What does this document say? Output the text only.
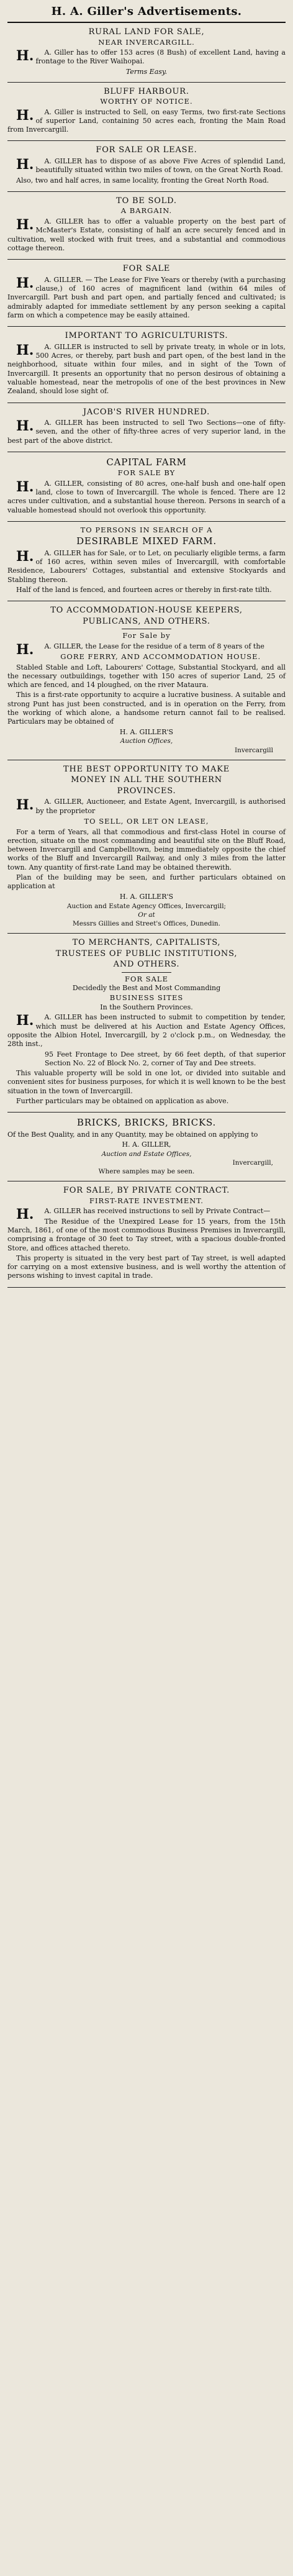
H. A. Giller's Advertisements.
RURAL LAND FOR SALE,
NEAR INVERCARGILL.

H.A. Giller has to offer 153 acres (8 Bush) of excellent Land, having a frontage to the River Waihopai.

Terms Easy.
BLUFF HARBOUR.
WORTHY OF NOTICE.

H.A. Giller is instructed to Sell, on easy Terms, two first-rate Sections of superior Land, containing 50 acres each, fronting the Main Road from Invercargill.

FOR SALE OR LEASE.

H.A. GILLER has to dispose of as above Five Acres of splendid Land, beautifully situated within two miles of town, on the Great North Road.

Also, two and half acres, in same locality, fronting the Great North Road.

TO BE SOLD.
A BARGAIN.

H.A. GILLER has to offer a valuable property on the best part of McMaster's Estate, consisting of half an acre securely fenced and in cultivation, well stocked with fruit trees, and a substantial and commodious cottage thereon.

FOR SALE

H.A. GILLER. — The Lease for Five Years or thereby (with a purchasing clause,) of 160 acres of magnificent land (within 64 miles of Invercargill. Part bush and part open, and partially fenced and cultivated; is admirably adapted for immediate settlement by any person seeking a capital farm on which a competence may be easily attained.

IMPORTANT TO AGRICULTURISTS.

H.A. GILLER is instructed to sell by private treaty, in whole or in lots, 500 Acres, or thereby, part bush and part open, of the best land in the neighborhood, situate within four miles, and in sight of the Town of Invercargill. It presents an opportunity that no person desirous of obtaining a valuable homestead, near the metropolis of one of the best provinces in New Zealand, should lose sight of.

JACOB'S RIVER HUNDRED.

H.A. GILLER has been instructed to sell Two Sections—one of fifty-seven, and the other of fifty-three acres of very superior land, in the best part of the above district.

CAPITAL FARM
FOR SALE BY

H.A. GILLER, consisting of 80 acres, one-half bush and one-half open land, close to town of Invercargill. The whole is fenced. There are 12 acres under cultivation, and a substantial house thereon. Persons in search of a valuable homestead should not overlook this opportunity.

TO PERSONS IN SEARCH OF A
DESIRABLE MIXED FARM.

H.A. GILLER has for Sale, or to Let, on peculiarly eligible terms, a farm of 160 acres, within seven miles of Invercargill, with comfortable Residence, Labourers' Cottages, substantial and extensive Stockyards and Stabling thereon.

Half of the land is fenced, and fourteen acres or thereby in first-rate tilth.

TO ACCOMMODATION-HOUSE KEEPERS,
PUBLICANS, AND OTHERS.
For Sale by

H.A. GILLER, the Lease for the residue of a term of 8 years of the

GORE FERRY, AND ACCOMMODATION HOUSE.

Stabled Stable and Loft, Labourers' Cottage, Substantial Stockyard, and all the necessary outbuildings, together with 150 acres of superior Land, 25 of which are fenced, and 14 ploughed, on the river Mataura.

This is a first-rate opportunity to acquire a lucrative business. A suitable and strong Punt has just been constructed, and is in operation on the Ferry, from the working of which alone, a handsome return cannot fail to be realised. Particulars may be obtained of

H. A. GILLER'S
Auction Offices,
Invercargill
THE BEST OPPORTUNITY TO MAKE
MONEY IN ALL THE SOUTHERN
PROVINCES.

H.A. GILLER, Auctioneer, and Estate Agent, Invercargill, is authorised by the proprietor

TO SELL, OR LET ON LEASE,

For a term of Years, all that commodious and first-class Hotel in course of erection, situate on the most commanding and beautiful site on the Bluff Road, between Invercargill and Campbelltown, being immediately opposite the chief works of the Bluff and Invercargill Railway, and only 3 miles from the latter town. Any quantity of first-rate Land may be obtained therewith.

Plan of the building may be seen, and further particulars obtained on application at

H. A. GILLER'S
Auction and Estate Agency Offices, Invercargill;
Or at
Messrs Gillies and Street's Offices, Dunedin.
TO MERCHANTS, CAPITALISTS,
TRUSTEES OF PUBLIC INSTITUTIONS,
AND OTHERS.
FOR SALE
Decidedly the Best and Most Commanding
BUSINESS SITES
In the Southern Provinces.

H.A. GILLER has been instructed to submit to competition by tender, which must be delivered at his Auction and Estate Agency Offices, opposite the Albion Hotel, Invercargill, by 2 o'clock p.m., on Wednesday, the 28th inst.,

95 Feet Frontage to Dee street, by 66 feet depth, of that superior Section No. 22 of Block No. 2, corner of Tay and Dee streets.

This valuable property will be sold in one lot, or divided into suitable and convenient sites for business purposes, for which it is well known to be the best situation in the town of Invercargill.

Further particulars may be obtained on application as above.

BRICKS, BRICKS, BRICKS.

Of the Best Quality, and in any Quantity, may be obtained on applying to

H. A. GILLER,
Auction and Estate Offices,
Invercargill,
Where samples may be seen.
FOR SALE, BY PRIVATE CONTRACT.
FIRST-RATE INVESTMENT.

H.A. GILLER has received instructions to sell by Private Contract—

The Residue of the Unexpired Lease for 15 years, from the 15th March, 1861, of one of the most commodious Business Premises in Invercargill, comprising a frontage of 30 feet to Tay street, with a spacious double-fronted Store, and offices attached thereto.

This property is situated in the very best part of Tay street, is well adapted for carrying on a most extensive business, and is well worthy the attention of persons wishing to invest capital in trade.
